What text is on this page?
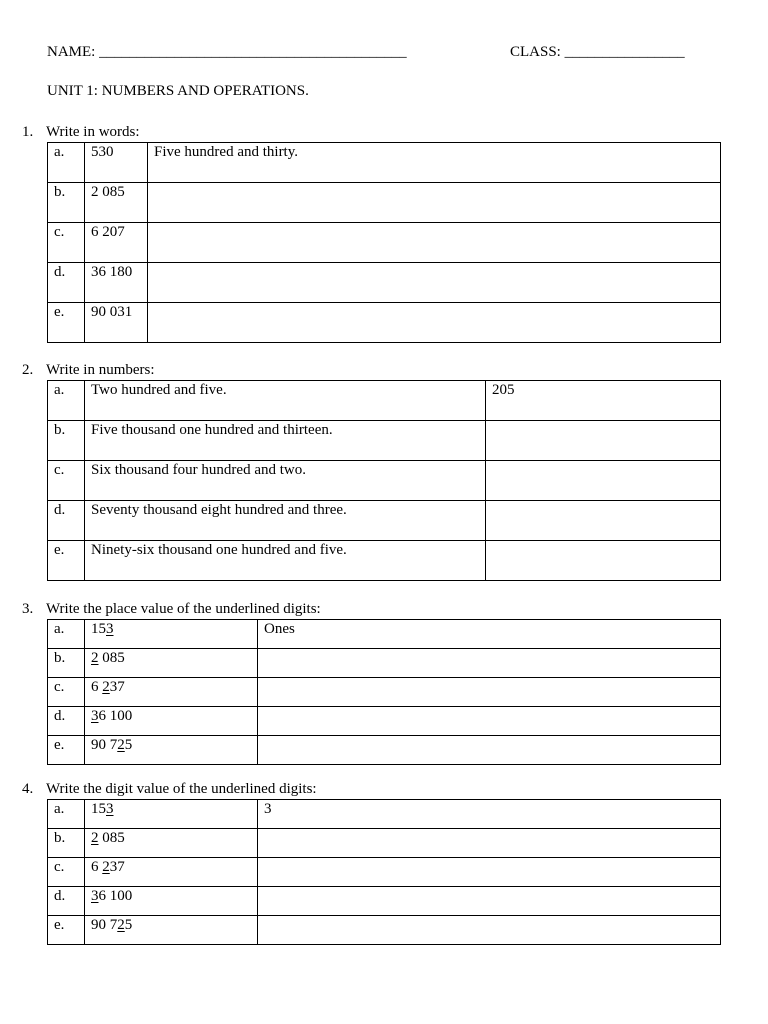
NAME: _________________________________________	CLASS: ________________
UNIT 1: NUMBERS AND OPERATIONS.
1. Write in words:
a.	530	Five hundred and thirty.
b.	2 085	
c.	6 207	
d.	36 180	
e.	90 031	
2. Write in numbers:
a.	Two hundred and five.	205
b.	Five thousand one hundred and thirteen.	
c.	Six thousand four hundred and two.	
d.	Seventy thousand eight hundred and three.	
e.	Ninety-six thousand one hundred and five.	
3. Write the place value of the underlined digits:
a.	153	Ones
b.	2 085	
c.	6 237	
d.	36 100	
e.	90 725	
4. Write the digit value of the underlined digits:
a.	153	3
b.	2 085	
c.	6 237	
d.	36 100	
e.	90 725	
